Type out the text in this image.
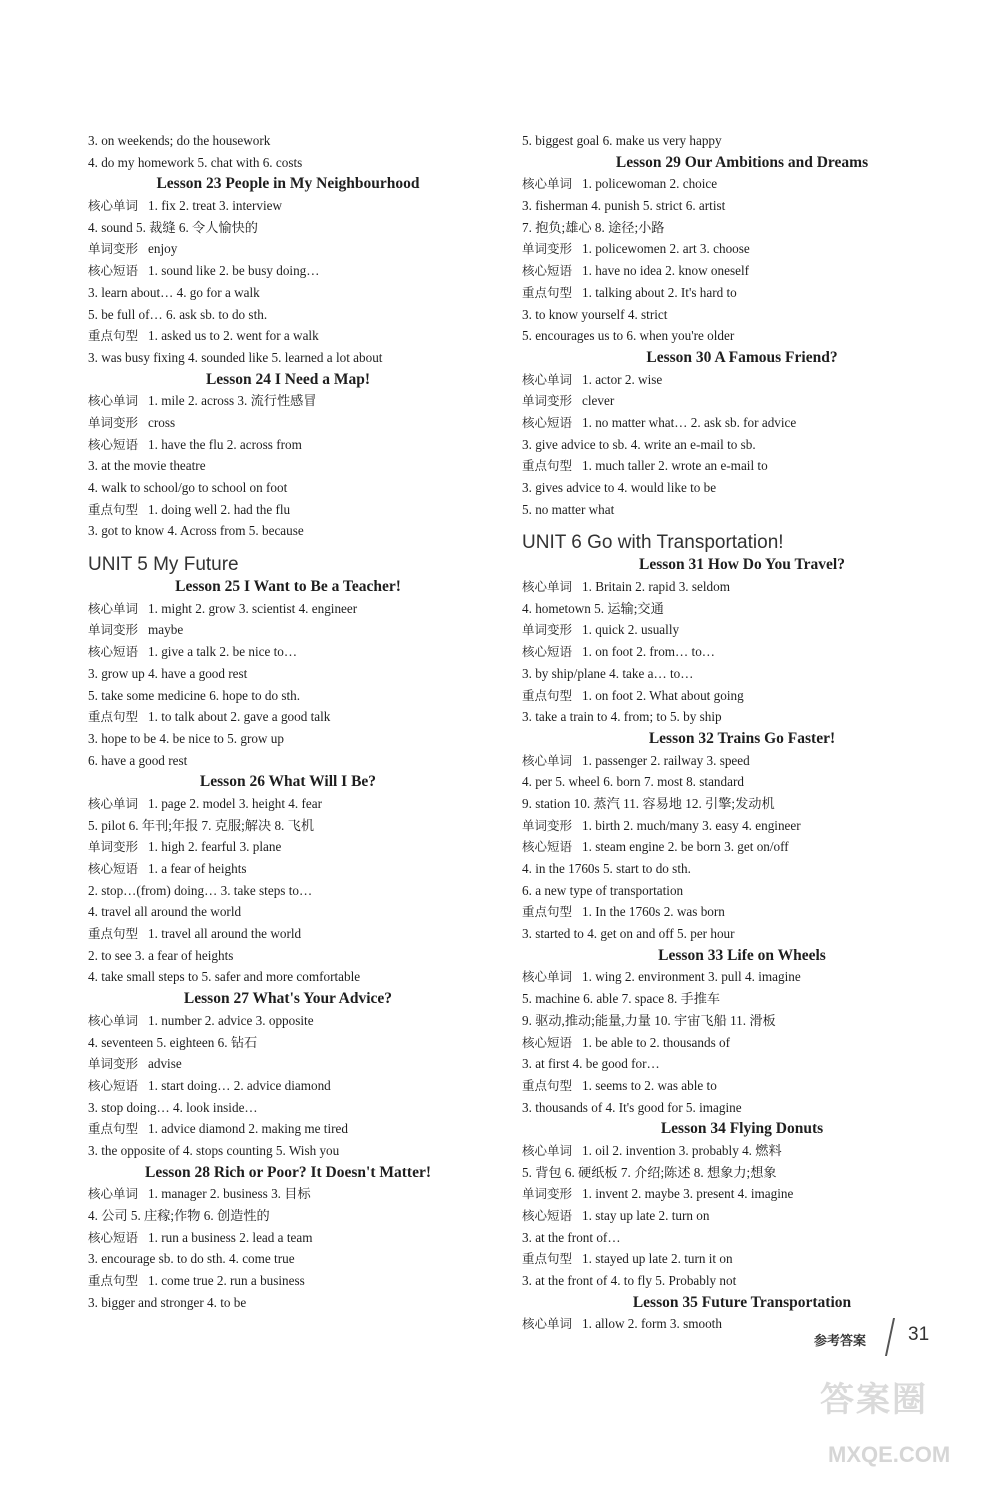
3. on weekends; do the housework
4. do my homework 5. chat with 6. costs
Lesson 23 People in My Neighbourhood
核心单词 1. fix 2. treat 3. interview
4. sound 5. 裁缝 6. 令人愉快的
单词变形 enjoy
核心短语 1. sound like 2. be busy doing…
3. learn about… 4. go for a walk
5. be full of… 6. ask sb. to do sth.
重点句型 1. asked us to 2. went for a walk
3. was busy fixing 4. sounded like 5. learned a lot about
Lesson 24 I Need a Map!
核心单词 1. mile 2. across 3. 流行性感冒
单词变形 cross
核心短语 1. have the flu 2. across from
3. at the movie theatre
4. walk to school/go to school on foot
重点句型 1. doing well 2. had the flu
3. got to know 4. Across from 5. because
UNIT 5 My Future
Lesson 25 I Want to Be a Teacher!
核心单词 1. might 2. grow 3. scientist 4. engineer
单词变形 maybe
核心短语 1. give a talk 2. be nice to…
3. grow up 4. have a good rest
5. take some medicine 6. hope to do sth.
重点句型 1. to talk about 2. gave a good talk
3. hope to be 4. be nice to 5. grow up
6. have a good rest
Lesson 26 What Will I Be?
核心单词 1. page 2. model 3. height 4. fear
5. pilot 6. 年刊;年报 7. 克服;解决 8. 飞机
单词变形 1. high 2. fearful 3. plane
核心短语 1. a fear of heights
2. stop…(from) doing… 3. take steps to…
4. travel all around the world
重点句型 1. travel all around the world
2. to see 3. a fear of heights
4. take small steps to 5. safer and more comfortable
Lesson 27 What's Your Advice?
核心单词 1. number 2. advice 3. opposite
4. seventeen 5. eighteen 6. 钻石
单词变形 advise
核心短语 1. start doing… 2. advice diamond
3. stop doing… 4. look inside…
重点句型 1. advice diamond 2. making me tired
3. the opposite of 4. stops counting 5. Wish you
Lesson 28 Rich or Poor? It Doesn't Matter!
核心单词 1. manager 2. business 3. 目标
4. 公司 5. 庄稼;作物 6. 创造性的
核心短语 1. run a business 2. lead a team
3. encourage sb. to do sth. 4. come true
重点句型 1. come true 2. run a business
3. bigger and stronger 4. to be
5. biggest goal 6. make us very happy
Lesson 29 Our Ambitions and Dreams
核心单词 1. policewoman 2. choice
3. fisherman 4. punish 5. strict 6. artist
7. 抱负;雄心 8. 途径;小路
单词变形 1. policewomen 2. art 3. choose
核心短语 1. have no idea 2. know oneself
重点句型 1. talking about 2. It's hard to
3. to know yourself 4. strict
5. encourages us to 6. when you're older
Lesson 30 A Famous Friend?
核心单词 1. actor 2. wise
单词变形 clever
核心短语 1. no matter what… 2. ask sb. for advice
3. give advice to sb. 4. write an e-mail to sb.
重点句型 1. much taller 2. wrote an e-mail to
3. gives advice to 4. would like to be
5. no matter what
UNIT 6 Go with Transportation!
Lesson 31 How Do You Travel?
核心单词 1. Britain 2. rapid 3. seldom
4. hometown 5. 运输;交通
单词变形 1. quick 2. usually
核心短语 1. on foot 2. from… to…
3. by ship/plane 4. take a… to…
重点句型 1. on foot 2. What about going
3. take a train to 4. from; to 5. by ship
Lesson 32 Trains Go Faster!
核心单词 1. passenger 2. railway 3. speed
4. per 5. wheel 6. born 7. most 8. standard
9. station 10. 蒸汽 11. 容易地 12. 引擎;发动机
单词变形 1. birth 2. much/many 3. easy 4. engineer
核心短语 1. steam engine 2. be born 3. get on/off
4. in the 1760s 5. start to do sth.
6. a new type of transportation
重点句型 1. In the 1760s 2. was born
3. started to 4. get on and off 5. per hour
Lesson 33 Life on Wheels
核心单词 1. wing 2. environment 3. pull 4. imagine
5. machine 6. able 7. space 8. 手推车
9. 驱动,推动;能量,力量 10. 宇宙飞船 11. 滑板
核心短语 1. be able to 2. thousands of
3. at first 4. be good for…
重点句型 1. seems to 2. was able to
3. thousands of 4. It's good for 5. imagine
Lesson 34 Flying Donuts
核心单词 1. oil 2. invention 3. probably 4. 燃料
5. 背包 6. 硬纸板 7. 介绍;陈述 8. 想象力;想象
单词变形 1. invent 2. maybe 3. present 4. imagine
核心短语 1. stay up late 2. turn on
3. at the front of…
重点句型 1. stayed up late 2. turn it on
3. at the front of 4. to fly 5. Probably not
Lesson 35 Future Transportation
核心单词 1. allow 2. form 3. smooth
参考答案 31
答案圈
MXQE.COM
